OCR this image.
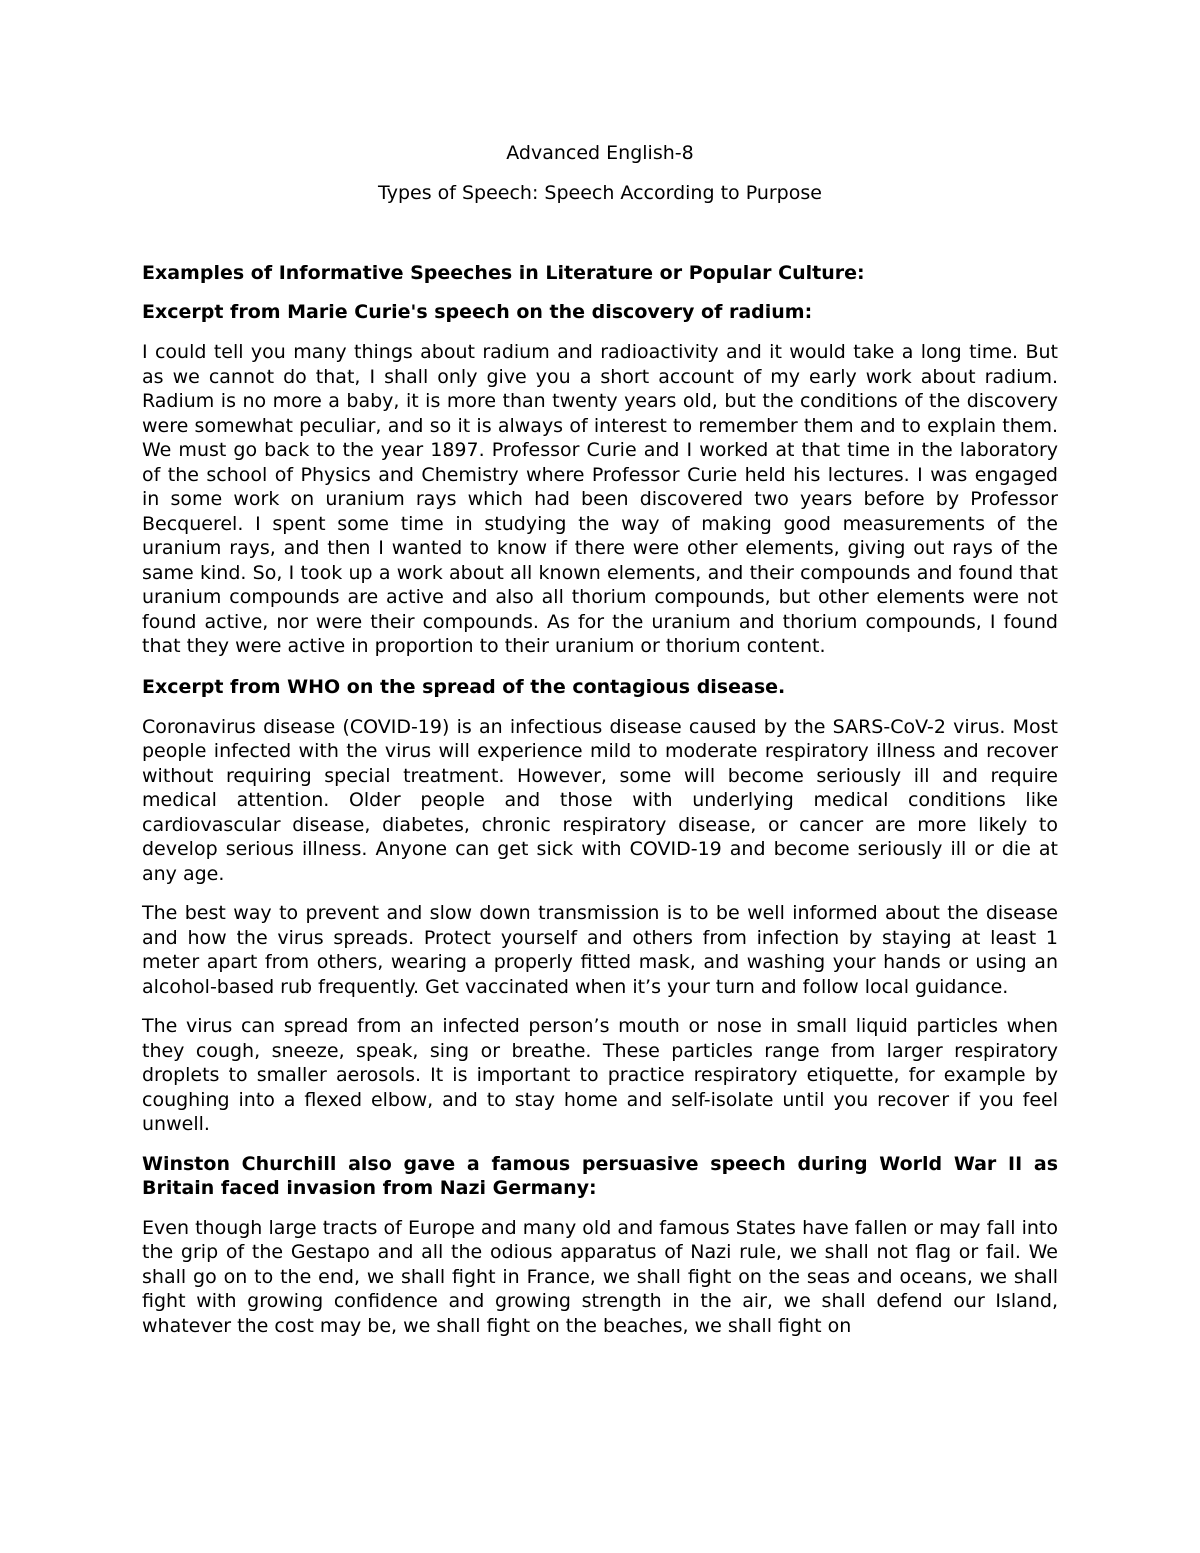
Advanced English-8

Types of Speech: Speech According to Purpose

Examples of Informative Speeches in Literature or Popular Culture:

Excerpt from Marie Curie's speech on the discovery of radium:

I could tell you many things about radium and radioactivity and it would take a long time. But as we cannot do that, I shall only give you a short account of my early work about radium. Radium is no more a baby, it is more than twenty years old, but the conditions of the discovery were somewhat peculiar, and so it is always of interest to remember them and to explain them. We must go back to the year 1897. Professor Curie and I worked at that time in the laboratory of the school of Physics and Chemistry where Professor Curie held his lectures. I was engaged in some work on uranium rays which had been discovered two years before by Professor Becquerel. I spent some time in studying the way of making good measurements of the uranium rays, and then I wanted to know if there were other elements, giving out rays of the same kind. So, I took up a work about all known elements, and their compounds and found that uranium compounds are active and also all thorium compounds, but other elements were not found active, nor were their compounds. As for the uranium and thorium compounds, I found that they were active in proportion to their uranium or thorium content.

Excerpt from WHO on the spread of the contagious disease.

Coronavirus disease (COVID-19) is an infectious disease caused by the SARS-CoV-2 virus. Most people infected with the virus will experience mild to moderate respiratory illness and recover without requiring special treatment. However, some will become seriously ill and require medical attention. Older people and those with underlying medical conditions like cardiovascular disease, diabetes, chronic respiratory disease, or cancer are more likely to develop serious illness. Anyone can get sick with COVID-19 and become seriously ill or die at any age.

The best way to prevent and slow down transmission is to be well informed about the disease and how the virus spreads. Protect yourself and others from infection by staying at least 1 meter apart from others, wearing a properly fitted mask, and washing your hands or using an alcohol-based rub frequently. Get vaccinated when it’s your turn and follow local guidance.

The virus can spread from an infected person’s mouth or nose in small liquid particles when they cough, sneeze, speak, sing or breathe. These particles range from larger respiratory droplets to smaller aerosols. It is important to practice respiratory etiquette, for example by coughing into a flexed elbow, and to stay home and self-isolate until you recover if you feel unwell.

Winston Churchill also gave a famous persuasive speech during World War II as Britain faced invasion from Nazi Germany:

Even though large tracts of Europe and many old and famous States have fallen or may fall into the grip of the Gestapo and all the odious apparatus of Nazi rule, we shall not flag or fail. We shall go on to the end, we shall fight in France, we shall fight on the seas and oceans, we shall fight with growing confidence and growing strength in the air, we shall defend our Island, whatever the cost may be, we shall fight on the beaches, we shall fight on
